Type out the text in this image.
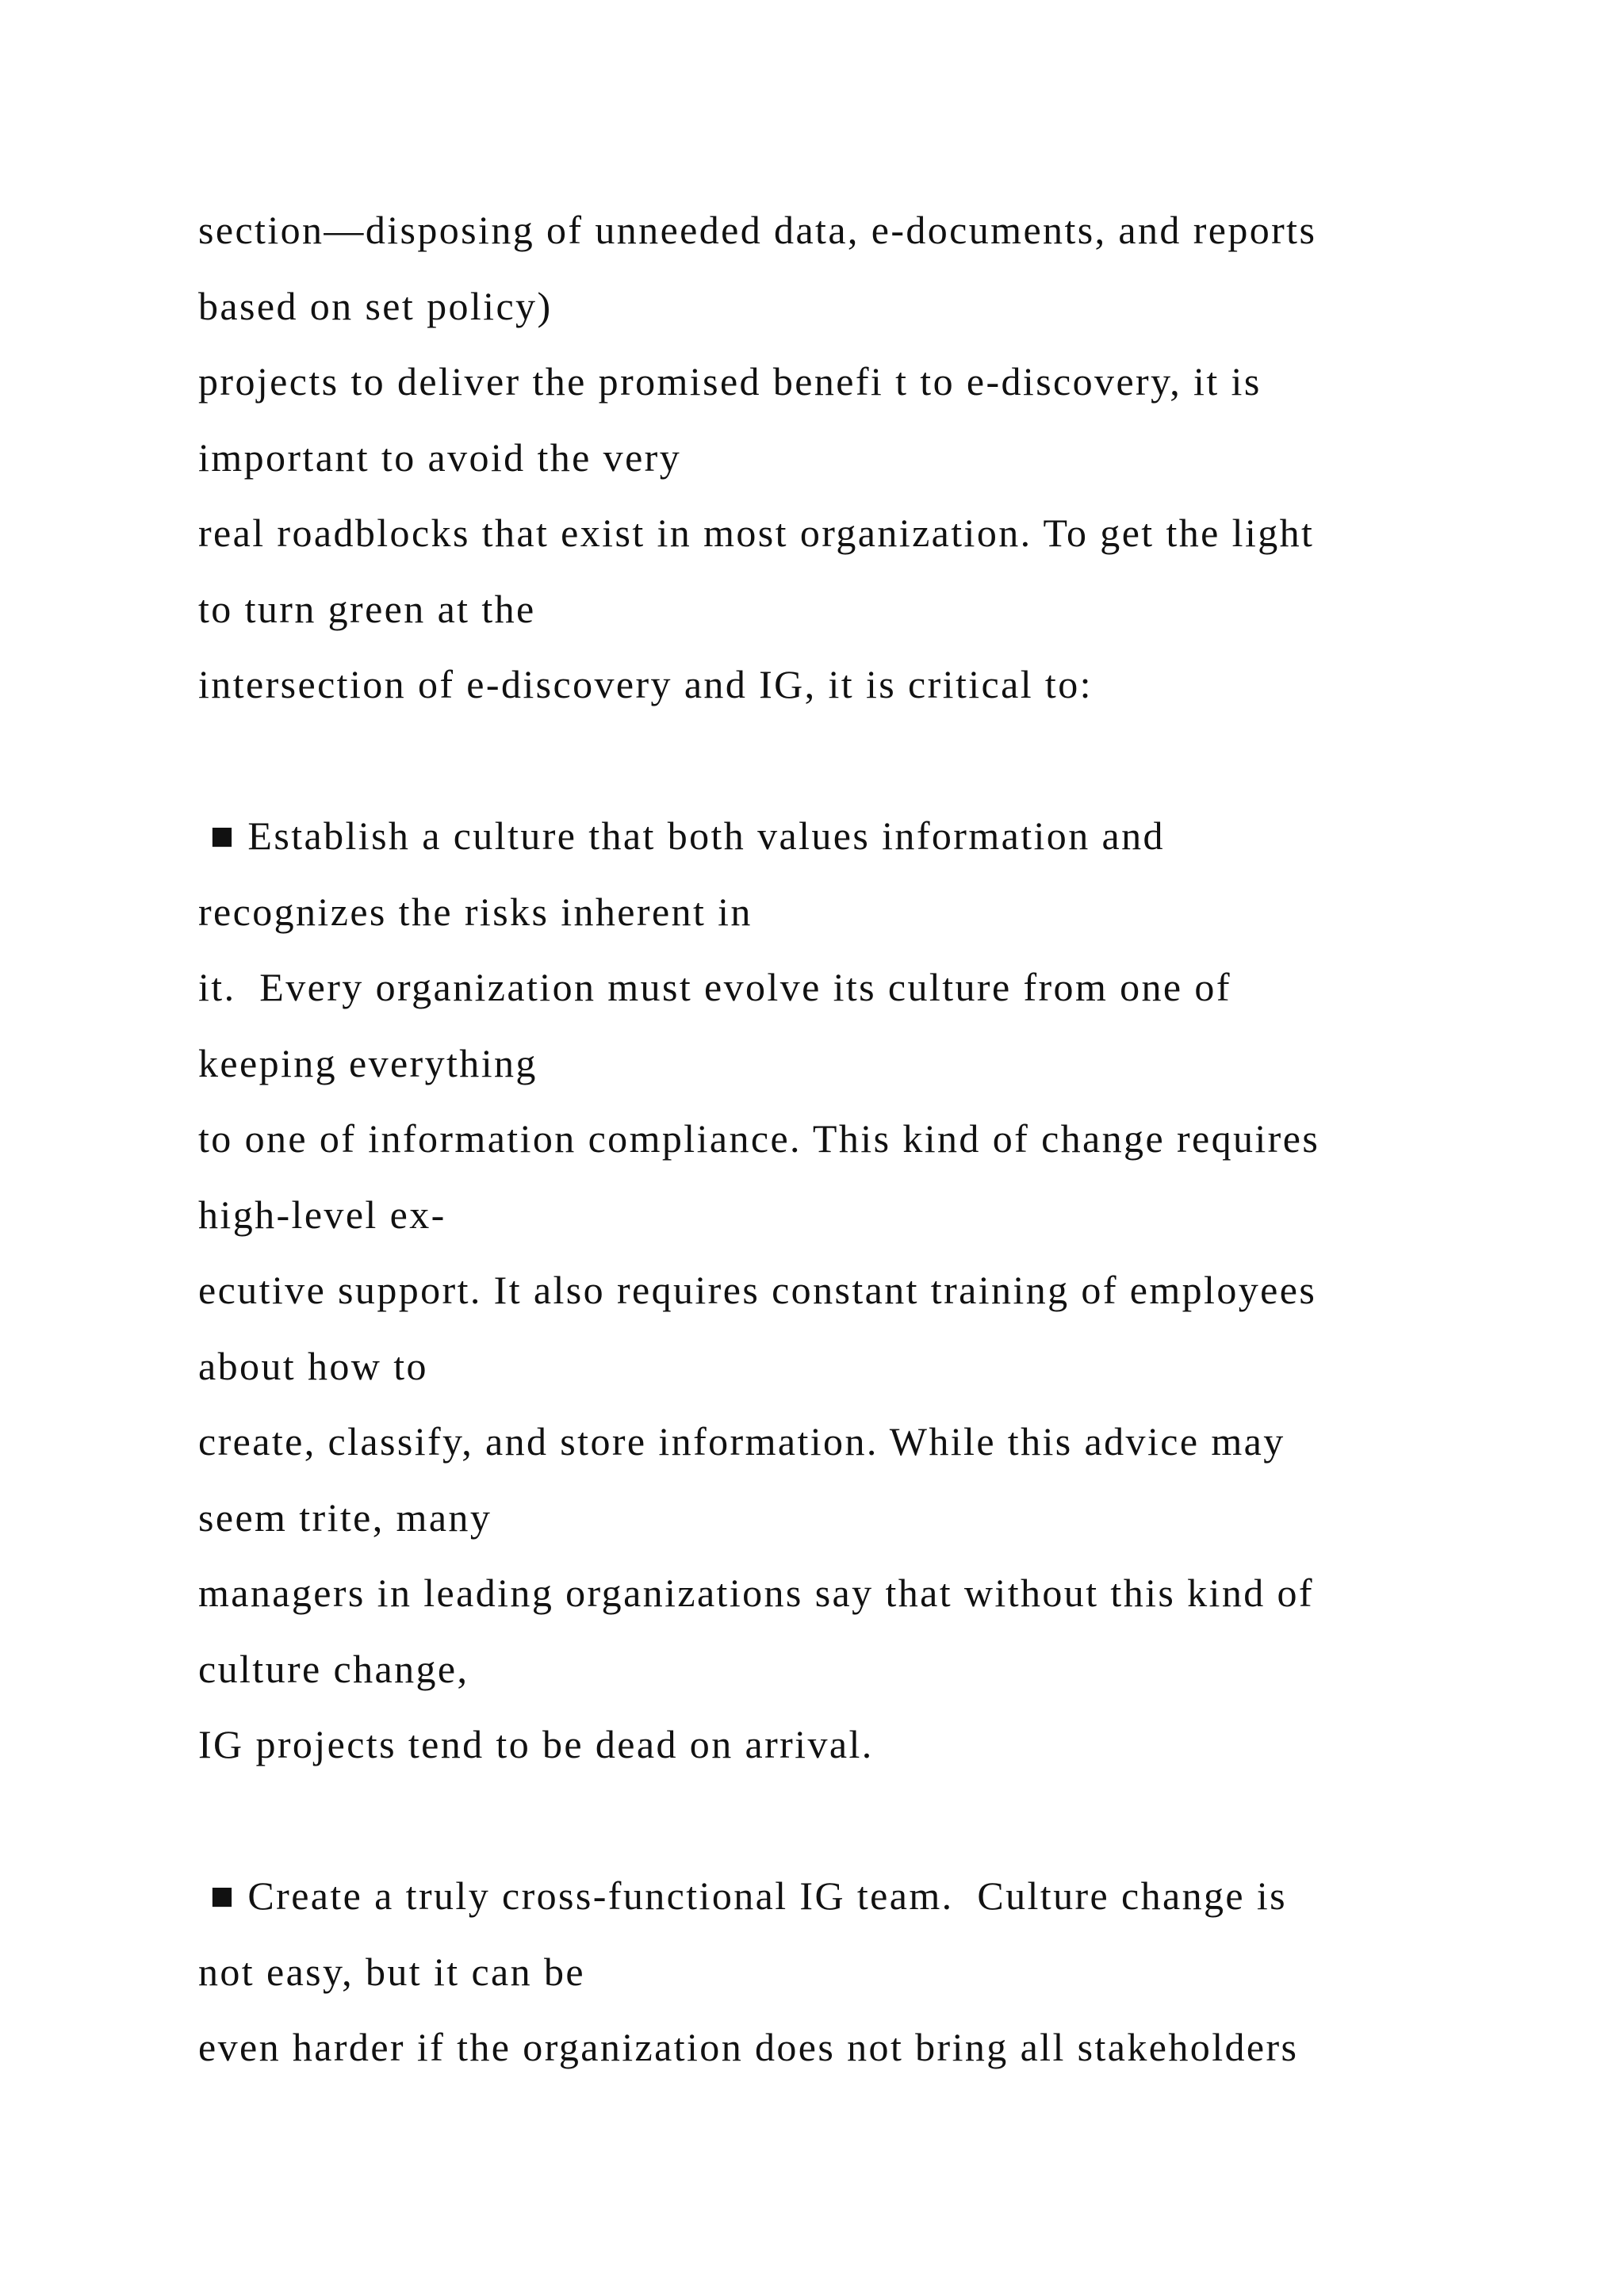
section—disposing of unneeded data, e-documents, and reports
based on set policy)
projects to deliver the promised benefi t to e-discovery, it is
important to avoid the very
real roadblocks that exist in most organization. To get the light
to turn green at the
intersection of e-discovery and IG, it is critical to:
■ Establish a culture that both values information and
recognizes the risks inherent in
it.  Every organization must evolve its culture from one of
keeping everything
to one of information compliance. This kind of change requires
high-level ex-
ecutive support. It also requires constant training of employees
about how to
create, classify, and store information. While this advice may
seem trite, many
managers in leading organizations say that without this kind of
culture change,
IG projects tend to be dead on arrival.
■ Create a truly cross-functional IG team.  Culture change is
not easy, but it can be
even harder if the organization does not bring all stakeholders
